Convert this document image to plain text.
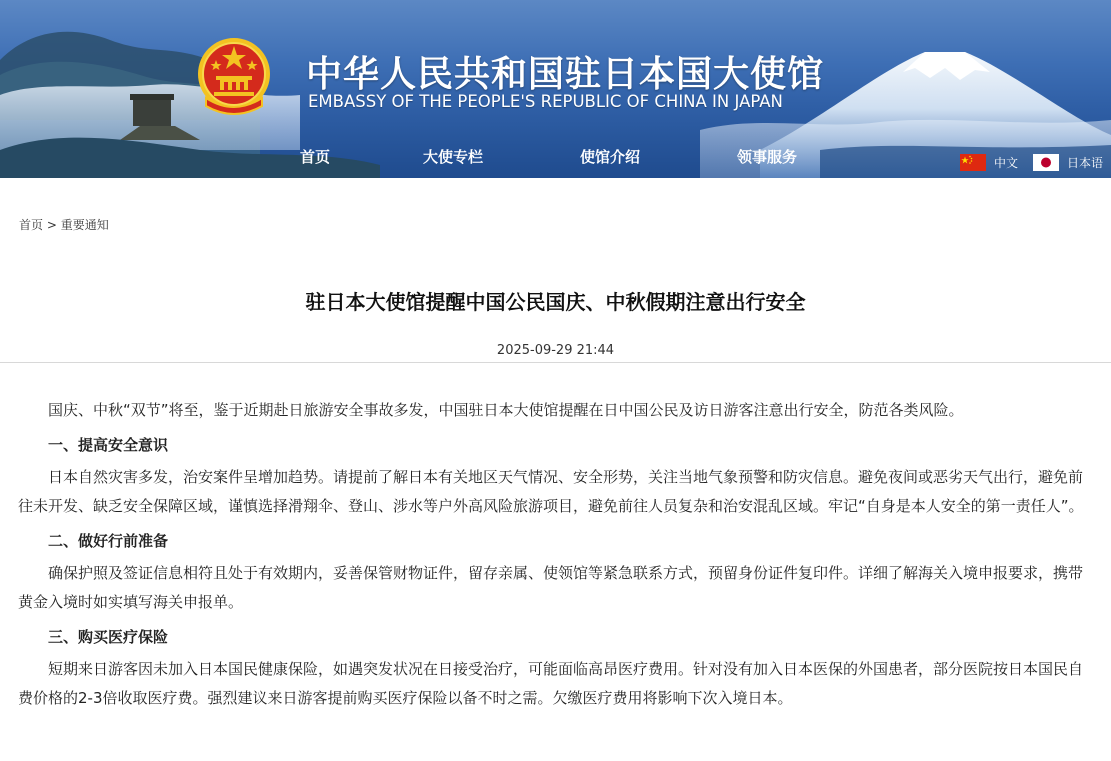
中华人民共和国驻日本国大使馆
EMBASSY OF THE PEOPLE'S REPUBLIC OF CHINA IN JAPAN
首页	大使专栏	使馆介绍	领事服务	中文	日本语
首页 > 重要通知
驻日本大使馆提醒中国公民国庆、中秋假期注意出行安全
2025-09-29 21:44

国庆、中秋“双节”将至，鉴于近期赴日旅游安全事故多发，中国驻日本大使馆提醒在日中国公民及访日游客注意出行安全，防范各类风险。

一、提高安全意识

日本自然灾害多发，治安案件呈增加趋势。请提前了解日本有关地区天气情况、安全形势，关注当地气象预警和防灾信息。避免夜间或恶劣天气出行，避免前往未开发、缺乏安全保障区域，谨慎选择滑翔伞、登山、涉水等户外高风险旅游项目，避免前往人员复杂和治安混乱区域。牢记“自身是本人安全的第一责任人”。

二、做好行前准备

确保护照及签证信息相符且处于有效期内，妥善保管财物证件，留存亲属、使领馆等紧急联系方式，预留身份证件复印件。详细了解海关入境申报要求，携带黄金入境时如实填写海关申报单。

三、购买医疗保险

短期来日游客因未加入日本国民健康保险，如遇突发状况在日接受治疗，可能面临高昂医疗费用。针对没有加入日本医保的外国患者，部分医院按日本国民自费价格的2-3倍收取医疗费。强烈建议来日游客提前购买医疗保险以备不时之需。欠缴医疗费用将影响下次入境日本。
